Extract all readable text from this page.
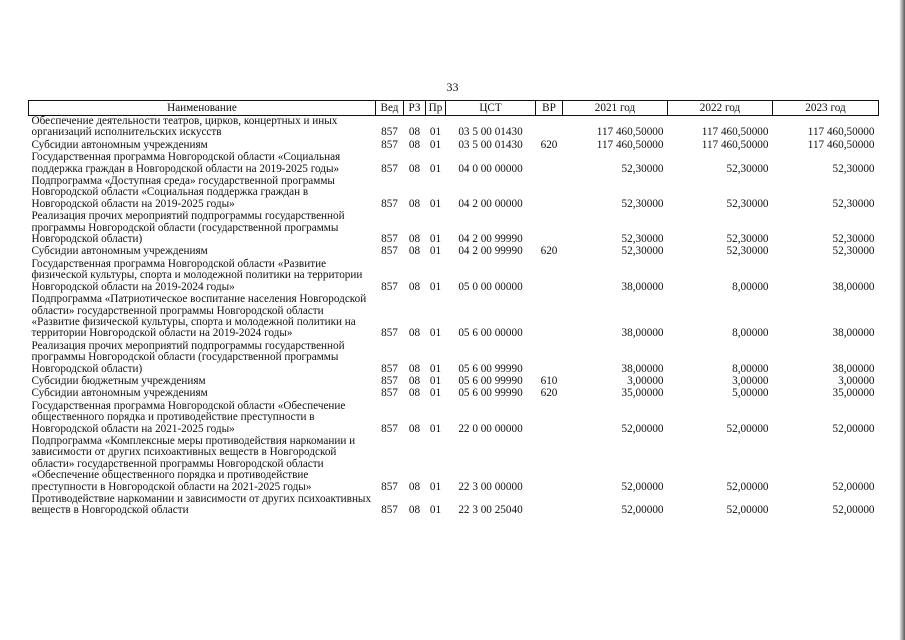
33
Наименование	Вед	РЗ	Пр	ЦСТ	ВР	2021 год	2022 год	2023 год
Обеспечение деятельности театров, цирков, концертных и иных организаций исполнительских искусств	857	08	01	03 5 00 01430		117 460,50000	117 460,50000	117 460,50000
Субсидии автономным учреждениям	857	08	01	03 5 00 01430	620	117 460,50000	117 460,50000	117 460,50000
Государственная программа Новгородской области «Социальная поддержка граждан в Новгородской области на 2019-2025 годы»	857	08	01	04 0 00 00000		52,30000	52,30000	52,30000
Подпрограмма «Доступная среда» государственной программы Новгородской области «Социальная поддержка граждан в Новгородской области на 2019-2025 годы»	857	08	01	04 2 00 00000		52,30000	52,30000	52,30000
Реализация прочих мероприятий подпрограммы государственной программы Новгородской области (государственной программы Новгородской области)	857	08	01	04 2 00 99990		52,30000	52,30000	52,30000
Субсидии автономным учреждениям	857	08	01	04 2 00 99990	620	52,30000	52,30000	52,30000
Государственная программа Новгородской области «Развитие физической культуры, спорта и молодежной политики на территории Новгородской области на 2019-2024 годы»	857	08	01	05 0 00 00000		38,00000	8,00000	38,00000
Подпрограмма «Патриотическое воспитание населения Новгородской области» государственной программы Новгородской области «Развитие физической культуры, спорта и молодежной политики на территории Новгородской области на 2019-2024 годы»	857	08	01	05 6 00 00000		38,00000	8,00000	38,00000
Реализация прочих мероприятий подпрограммы государственной программы Новгородской области (государственной программы Новгородской области)	857	08	01	05 6 00 99990		38,00000	8,00000	38,00000
Субсидии бюджетным учреждениям	857	08	01	05 6 00 99990	610	3,00000	3,00000	3,00000
Субсидии автономным учреждениям	857	08	01	05 6 00 99990	620	35,00000	5,00000	35,00000
Государственная программа Новгородской области «Обеспечение общественного порядка и противодействие преступности в Новгородской области на 2021-2025 годы»	857	08	01	22 0 00 00000		52,00000	52,00000	52,00000
Подпрограмма «Комплексные меры противодействия наркомании и зависимости от других психоактивных веществ в Новгородской области» государственной программы Новгородской области «Обеспечение общественного порядка и противодействие преступности в Новгородской области на 2021-2025 годы»	857	08	01	22 3 00 00000		52,00000	52,00000	52,00000
Противодействие наркомании и зависимости от других психоактивных веществ в Новгородской области	857	08	01	22 3 00 25040		52,00000	52,00000	52,00000
